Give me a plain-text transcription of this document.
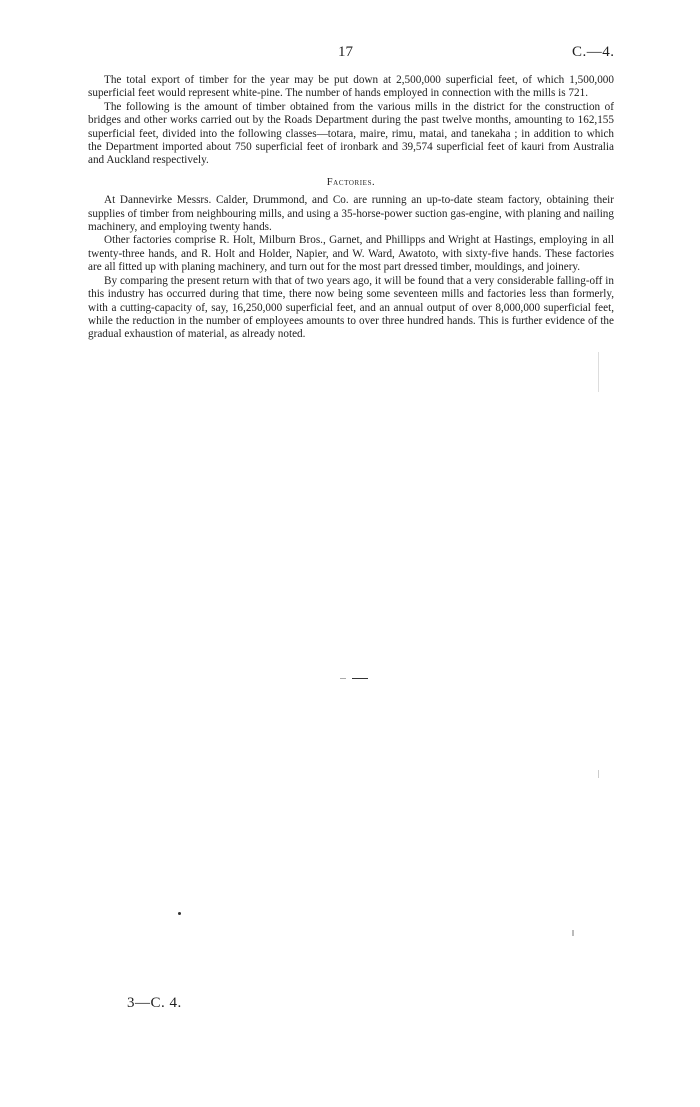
17	C.—4.

The total export of timber for the year may be put down at 2,500,000 superficial feet, of which 1,500,000 superficial feet would represent white-pine. The number of hands employed in connection with the mills is 721.

The following is the amount of timber obtained from the various mills in the district for the construction of bridges and other works carried out by the Roads Department during the past twelve months, amounting to 162,155 superficial feet, divided into the following classes—totara, maire, rimu, matai, and tanekaha ; in addition to which the Department imported about 750 superficial feet of ironbark and 39,574 superficial feet of kauri from Australia and Auckland respectively.

Factories.

At Dannevirke Messrs. Calder, Drummond, and Co. are running an up-to-date steam factory, obtaining their supplies of timber from neighbouring mills, and using a 35-horse-power suction gas-engine, with planing and nailing machinery, and employing twenty hands.

Other factories comprise R. Holt, Milburn Bros., Garnet, and Phillipps and Wright at Hastings, employing in all twenty-three hands, and R. Holt and Holder, Napier, and W. Ward, Awatoto, with sixty-five hands. These factories are all fitted up with planing machinery, and turn out for the most part dressed timber, mouldings, and joinery.

By comparing the present return with that of two years ago, it will be found that a very considerable falling-off in this industry has occurred during that time, there now being some seventeen mills and factories less than formerly, with a cutting-capacity of, say, 16,250,000 superficial feet, and an annual output of over 8,000,000 superficial feet, while the reduction in the number of employees amounts to over three hundred hands. This is further evidence of the gradual exhaustion of material, as already noted.

3—C. 4.
